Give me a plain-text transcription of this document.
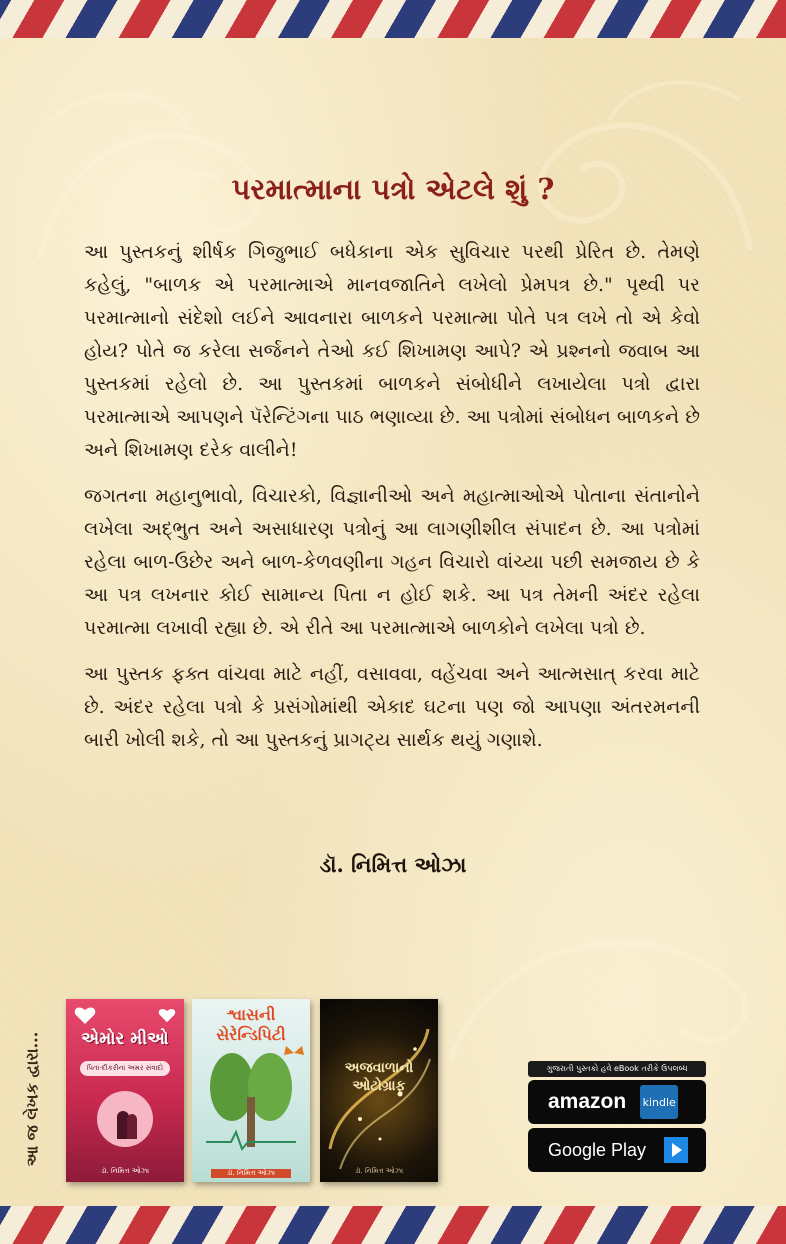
પરમાત્માના પત્રો એટલે શું ?

આ પુસ્તકનું શીર્ષક ગિજુભાઈ બધેકાના એક સુવિચાર પરથી પ્રેરિત છે. તેમણે કહેલું, "બાળક એ પરમાત્માએ માનવજાતિને લખેલો પ્રેમપત્ર છે." પૃથ્વી પર પરમાત્માનો સંદેશો લઈને આવનારા બાળકને પરમાત્મા પોતે પત્ર લખે તો એ કેવો હોય? પોતે જ કરેલા સર્જનને તેઓ કઈ શિખામણ આપે? એ પ્રશ્નનો જવાબ આ પુસ્તકમાં રહેલો છે. આ પુસ્તકમાં બાળકને સંબોધીને લખાયેલા પત્રો દ્વારા પરમાત્માએ આપણને પૅરેન્ટિંગના પાઠ ભણાવ્યા છે. આ પત્રોમાં સંબોધન બાળકને છે અને શિખામણ દરેક વાલીને!

જગતના મહાનુભાવો, વિચારકો, વિજ્ઞાનીઓ અને મહાત્માઓએ પોતાના સંતાનોને લખેલા અદ્ભુત અને અસાધારણ પત્રોનું આ લાગણીશીલ સંપાદન છે. આ પત્રોમાં રહેલા બાળ-ઉછેર અને બાળ-કેળવણીના ગહન વિચારો વાંચ્યા પછી સમજાય છે કે આ પત્ર લખનાર કોઈ સામાન્ય પિતા ન હોઈ શકે. આ પત્ર તેમની અંદર રહેલા પરમાત્મા લખાવી રહ્યા છે. એ રીતે આ પરમાત્માએ બાળકોને લખેલા પત્રો છે.

આ પુસ્તક ફક્ત વાંચવા માટે નહીં, વસાવવા, વહેંચવા અને આત્મસાત્ કરવા માટે છે. અંદર રહેલા પત્રો કે પ્રસંગોમાંથી એકાદ ઘટના પણ જો આપણા અંતરમનની બારી ખોલી શકે, તો આ પુસ્તકનું પ્રાગટ્ય સાર્થક થયું ગણાશે.

ડૉ. નિમિત્ત ઓઝા
આ જ લેખક દ્વારા...	એમોર મીઓ
પિતા-દીકરીના અમર સંવાદો
ડૉ. નિમિત્ત ઓઝા
શ્વાસની સેરેન્ડિપિટી
ડૉ. નિમિત્ત ઓઝા
અજવાળાનો ઓટોગ્રાફ
ડૉ. નિમિત્ત ઓઝા
ગુજરાતી પુસ્તકો હવે eBook તરીકે ઉપલબ્ધ
amazon kindle
Google Play
